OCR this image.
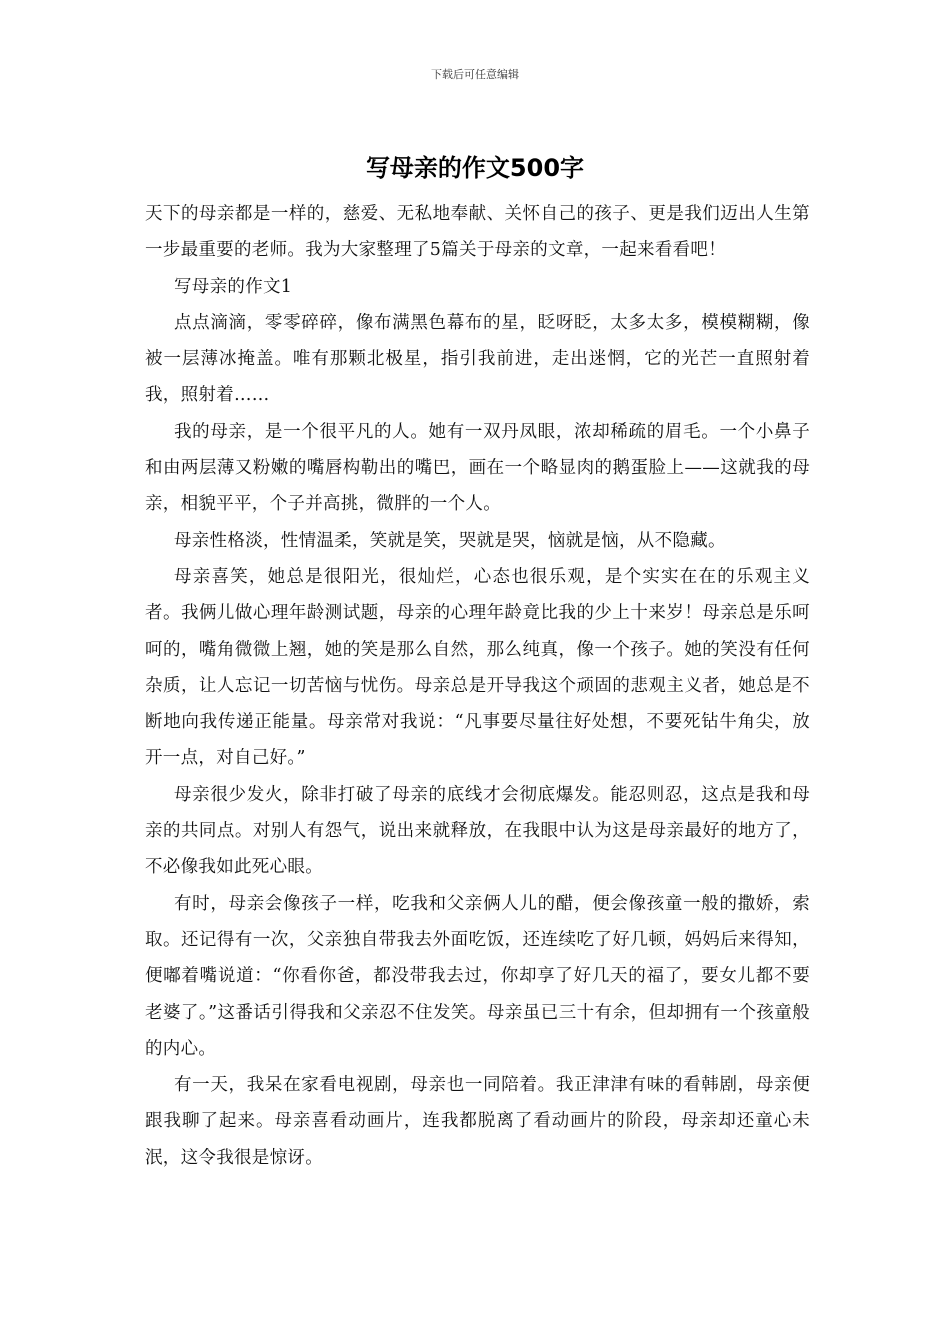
下载后可任意编辑
写母亲的作文500字

天下的母亲都是一样的，慈爱、无私地奉献、关怀自己的孩子、更是我们迈出人生第一步最重要的老师。我为大家整理了5篇关于母亲的文章，一起来看看吧！

写母亲的作文1

点点滴滴，零零碎碎，像布满黑色幕布的星，眨呀眨，太多太多，模模糊糊，像被一层薄冰掩盖。唯有那颗北极星，指引我前进，走出迷惘，它的光芒一直照射着我，照射着……

我的母亲，是一个很平凡的人。她有一双丹凤眼，浓却稀疏的眉毛。一个小鼻子和由两层薄又粉嫩的嘴唇构勒出的嘴巴，画在一个略显肉的鹅蛋脸上——这就我的母亲，相貌平平，个子并高挑，微胖的一个人。

母亲性格淡，性情温柔，笑就是笑，哭就是哭，恼就是恼，从不隐藏。

母亲喜笑，她总是很阳光，很灿烂，心态也很乐观，是个实实在在的乐观主义者。我俩儿做心理年龄测试题，母亲的心理年龄竟比我的少上十来岁！母亲总是乐呵呵的，嘴角微微上翘，她的笑是那么自然，那么纯真，像一个孩子。她的笑没有任何杂质，让人忘记一切苦恼与忧伤。母亲总是开导我这个顽固的悲观主义者，她总是不断地向我传递正能量。母亲常对我说：“凡事要尽量往好处想，不要死钻牛角尖，放开一点，对自己好。”

母亲很少发火，除非打破了母亲的底线才会彻底爆发。能忍则忍，这点是我和母亲的共同点。对别人有怨气，说出来就释放，在我眼中认为这是母亲最好的地方了，不必像我如此死心眼。

有时，母亲会像孩子一样，吃我和父亲俩人儿的醋，便会像孩童一般的撒娇，索取。还记得有一次，父亲独自带我去外面吃饭，还连续吃了好几顿，妈妈后来得知，便嘟着嘴说道：“你看你爸，都没带我去过，你却享了好几天的福了，要女儿都不要老婆了。”这番话引得我和父亲忍不住发笑。母亲虽已三十有余，但却拥有一个孩童般的内心。

有一天，我呆在家看电视剧，母亲也一同陪着。我正津津有味的看韩剧，母亲便跟我聊了起来。母亲喜看动画片，连我都脱离了看动画片的阶段，母亲却还童心未泯，这令我很是惊讶。
